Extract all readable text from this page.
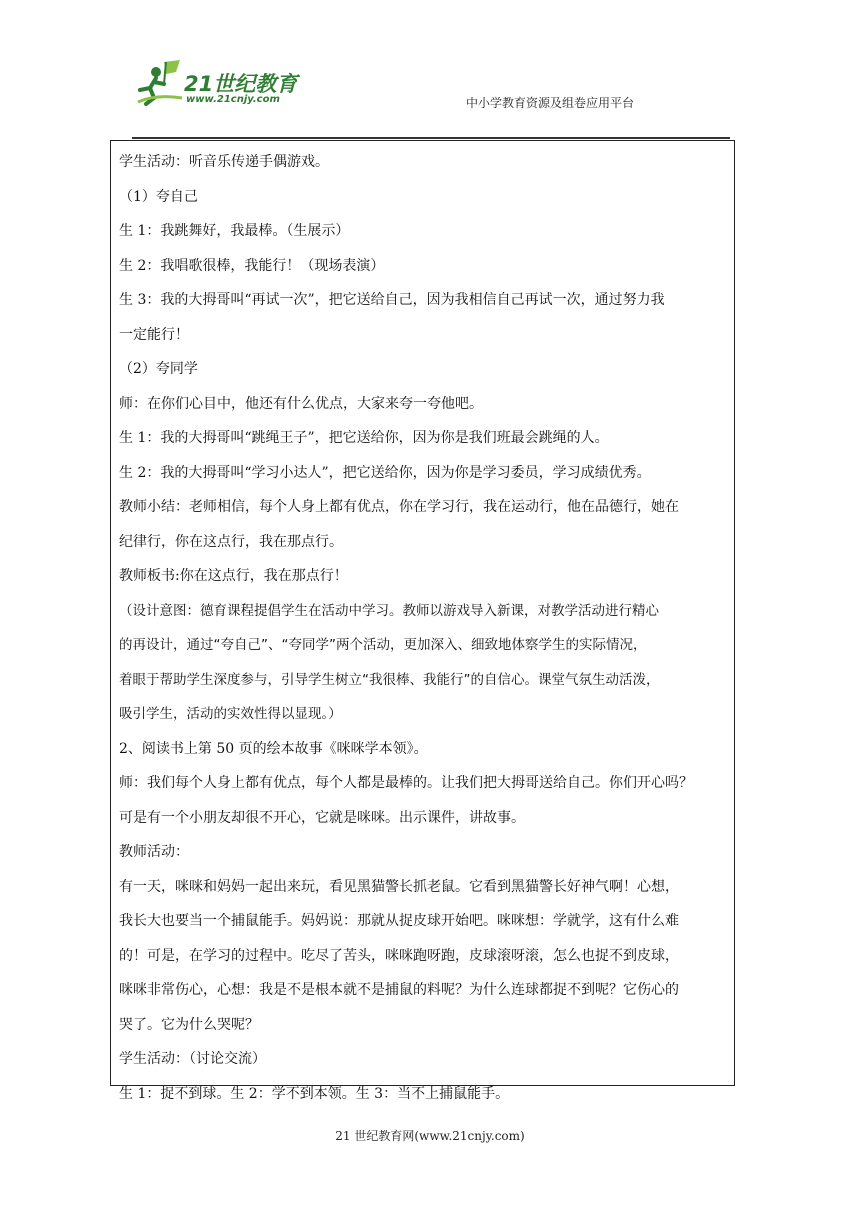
21世纪教育
www.21cnjy.com	中小学教育资源及组卷应用平台
学生活动：听音乐传递手偶游戏。
（1）夸自己
生 1：我跳舞好，我最棒。（生展示）
生 2：我唱歌很棒，我能行！（现场表演）
生 3：我的大拇哥叫“再试一次”，把它送给自己，因为我相信自己再试一次，通过努力我
一定能行！
（2）夸同学
师：在你们心目中，他还有什么优点，大家来夸一夸他吧。
生 1：我的大拇哥叫“跳绳王子”，把它送给你，因为你是我们班最会跳绳的人。
生 2：我的大拇哥叫“学习小达人”，把它送给你，因为你是学习委员，学习成绩优秀。
教师小结：老师相信，每个人身上都有优点，你在学习行，我在运动行，他在品德行，她在
纪律行，你在这点行，我在那点行。
教师板书:你在这点行，我在那点行！
（设计意图：德育课程提倡学生在活动中学习。教师以游戏导入新课，对教学活动进行精心
的再设计，通过“夸自己”、“夸同学”两个活动，更加深入、细致地体察学生的实际情况，
着眼于帮助学生深度参与，引导学生树立“我很棒、我能行”的自信心。课堂气氛生动活泼，
吸引学生，活动的实效性得以显现。）
2、阅读书上第 50 页的绘本故事《咪咪学本领》。
师：我们每个人身上都有优点，每个人都是最棒的。让我们把大拇哥送给自己。你们开心吗？
可是有一个小朋友却很不开心，它就是咪咪。出示课件，讲故事。
教师活动：
有一天，咪咪和妈妈一起出来玩，看见黑猫警长抓老鼠。它看到黑猫警长好神气啊！心想，
我长大也要当一个捕鼠能手。妈妈说：那就从捉皮球开始吧。咪咪想：学就学，这有什么难
的！可是，在学习的过程中。吃尽了苦头，咪咪跑呀跑，皮球滚呀滚，怎么也捉不到皮球，
咪咪非常伤心，心想：我是不是根本就不是捕鼠的料呢？为什么连球都捉不到呢？它伤心的
哭了。它为什么哭呢？
学生活动：（讨论交流）
生 1：捉不到球。生 2：学不到本领。生 3：当不上捕鼠能手。
21 世纪教育网(www.21cnjy.com)
